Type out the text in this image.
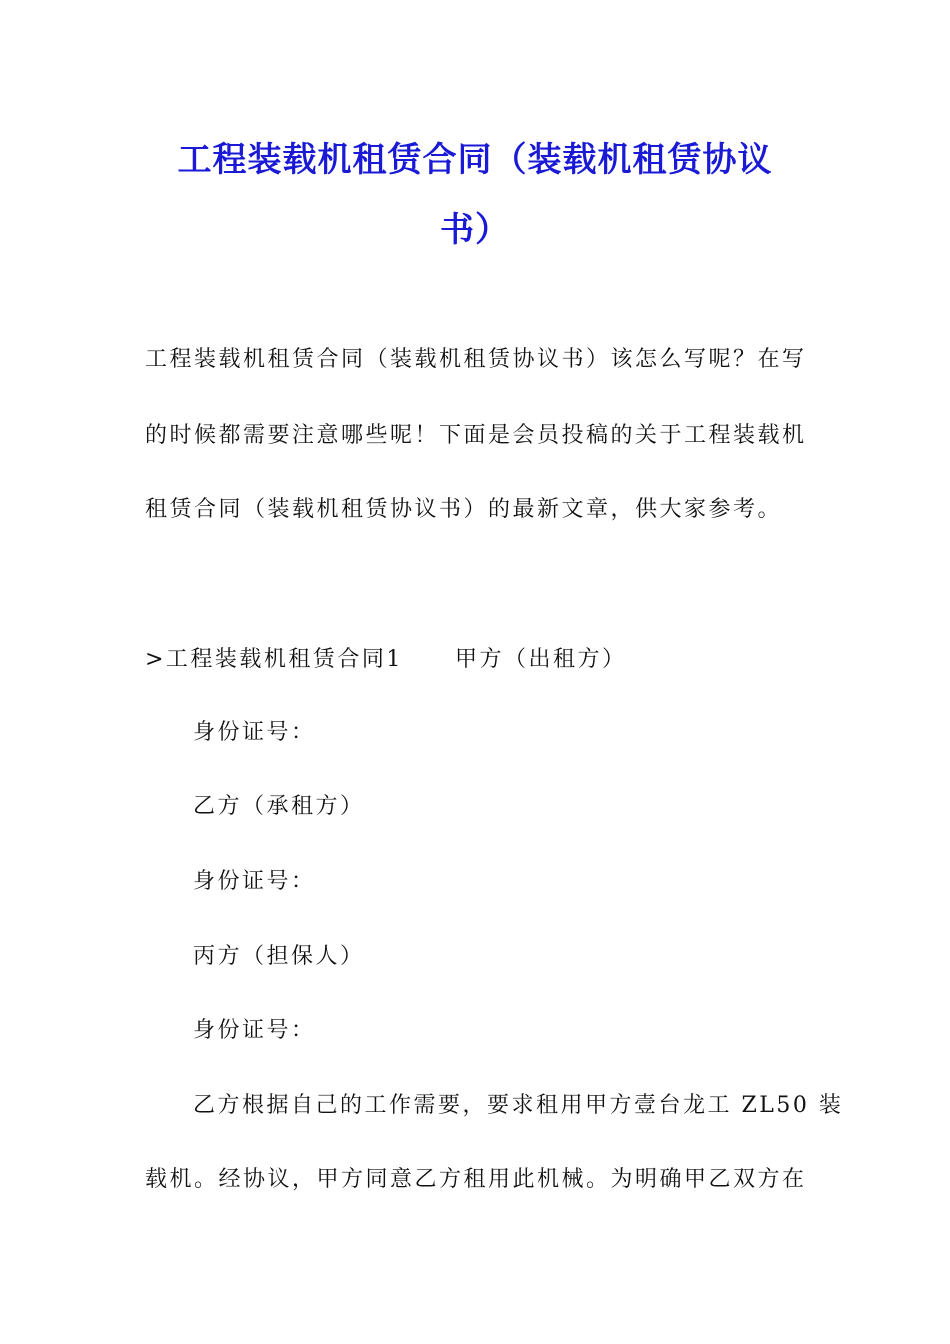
工程装载机租赁合同（装载机租赁协议
书）
工程装载机租赁合同（装载机租赁协议书）该怎么写呢？在写
的时候都需要注意哪些呢！下面是会员投稿的关于工程装载机
租赁合同（装载机租赁协议书）的最新文章，供大家参考。
>工程装载机租赁合同1 甲方（出租方）
身份证号：
乙方（承租方）
身份证号：
丙方（担保人）
身份证号：
乙方根据自己的工作需要，要求租用甲方壹台龙工 ZL50 装
载机。经协议，甲方同意乙方租用此机械。为明确甲乙双方在
